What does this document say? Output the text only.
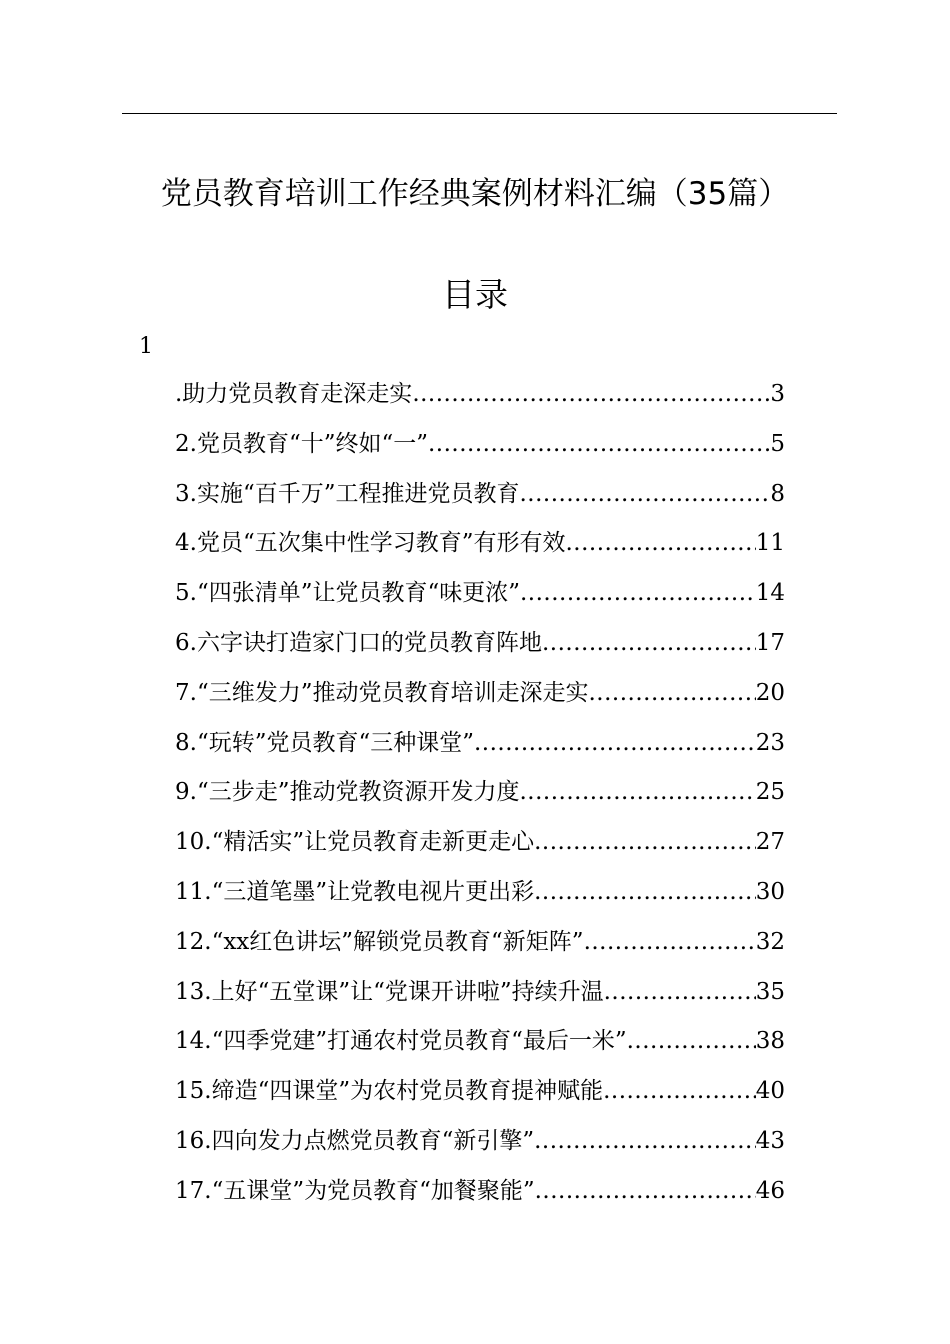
党员教育培训工作经典案例材料汇编（35篇）
目录
1
.助力党员教育走深走实 .....	3
2.党员教育“十”终如“一” .....	5
3.实施“百千万”工程推进党员教育 .....	8
4.党员“五次集中性学习教育”有形有效 .....	11
5.“四张清单”让党员教育“味更浓” .....	14
6.六字诀打造家门口的党员教育阵地 .....	17
7.“三维发力”推动党员教育培训走深走实 .....	20
8.“玩转”党员教育“三种课堂” .....	23
9.“三步走”推动党教资源开发力度 .....	25
10.“精活实”让党员教育走新更走心 .....	27
11.“三道笔墨”让党教电视片更出彩 .....	30
12.“xx红色讲坛”解锁党员教育“新矩阵” .....	32
13.上好“五堂课”让“党课开讲啦”持续升温 .....	35
14.“四季党建”打通农村党员教育“最后一米” .....	38
15.缔造“四课堂”为农村党员教育提神赋能 .....	40
16.四向发力点燃党员教育“新引擎” .....	43
17.“五课堂”为党员教育“加餐聚能” .....	46
